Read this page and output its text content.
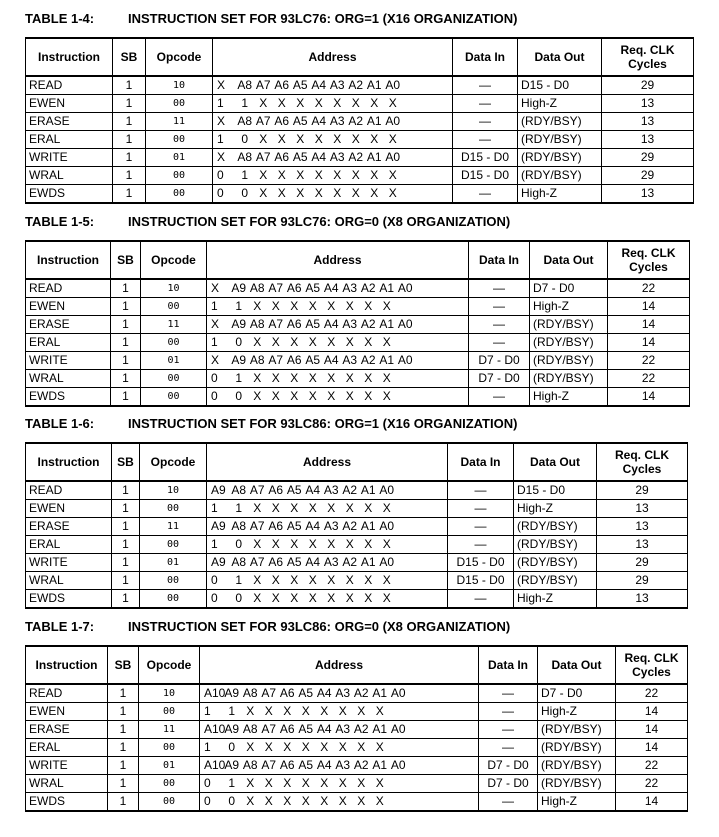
TABLE 1-4:	INSTRUCTION SET FOR 93LC76: ORG=1 (X16 ORGANIZATION)
Instruction	SB	Opcode	Address	Data In	Data Out	Req. CLK Cycles
READ	1	10	X A8 A7 A6 A5 A4 A3 A2 A1 A0	—	D15 - D0	29
EWEN	1	00	1 1 X X X X X X X X	—	High-Z	13
ERASE	1	11	X A8 A7 A6 A5 A4 A3 A2 A1 A0	—	(RDY/BSY)	13
ERAL	1	00	1 0 X X X X X X X X	—	(RDY/BSY)	13
WRITE	1	01	X A8 A7 A6 A5 A4 A3 A2 A1 A0	D15 - D0	(RDY/BSY)	29
WRAL	1	00	0 1 X X X X X X X X	D15 - D0	(RDY/BSY)	29
EWDS	1	00	0 0 X X X X X X X X	—	High-Z	13
TABLE 1-5:	INSTRUCTION SET FOR 93LC76: ORG=0 (X8 ORGANIZATION)
Instruction	SB	Opcode	Address	Data In	Data Out	Req. CLK Cycles
READ	1	10	X A9 A8 A7 A6 A5 A4 A3 A2 A1 A0	—	D7 - D0	22
EWEN	1	00	1 1 X X X X X X X X	—	High-Z	14
ERASE	1	11	X A9 A8 A7 A6 A5 A4 A3 A2 A1 A0	—	(RDY/BSY)	14
ERAL	1	00	1 0 X X X X X X X X	—	(RDY/BSY)	14
WRITE	1	01	X A9 A8 A7 A6 A5 A4 A3 A2 A1 A0	D7 - D0	(RDY/BSY)	22
WRAL	1	00	0 1 X X X X X X X X	D7 - D0	(RDY/BSY)	22
EWDS	1	00	0 0 X X X X X X X X	—	High-Z	14
TABLE 1-6:	INSTRUCTION SET FOR 93LC86: ORG=1 (X16 ORGANIZATION)
Instruction	SB	Opcode	Address	Data In	Data Out	Req. CLK Cycles
READ	1	10	A9 A8 A7 A6 A5 A4 A3 A2 A1 A0	—	D15 - D0	29
EWEN	1	00	1 1 X X X X X X X X	—	High-Z	13
ERASE	1	11	A9 A8 A7 A6 A5 A4 A3 A2 A1 A0	—	(RDY/BSY)	13
ERAL	1	00	1 0 X X X X X X X X	—	(RDY/BSY)	13
WRITE	1	01	A9 A8 A7 A6 A5 A4 A3 A2 A1 A0	D15 - D0	(RDY/BSY)	29
WRAL	1	00	0 1 X X X X X X X X	D15 - D0	(RDY/BSY)	29
EWDS	1	00	0 0 X X X X X X X X	—	High-Z	13
TABLE 1-7:	INSTRUCTION SET FOR 93LC86: ORG=0 (X8 ORGANIZATION)
Instruction	SB	Opcode	Address	Data In	Data Out	Req. CLK Cycles
READ	1	10	A10A9 A8 A7 A6 A5 A4 A3 A2 A1 A0	—	D7 - D0	22
EWEN	1	00	1 1 X X X X X X X X	—	High-Z	14
ERASE	1	11	A10A9 A8 A7 A6 A5 A4 A3 A2 A1 A0	—	(RDY/BSY)	14
ERAL	1	00	1 0 X X X X X X X X	—	(RDY/BSY)	14
WRITE	1	01	A10A9 A8 A7 A6 A5 A4 A3 A2 A1 A0	D7 - D0	(RDY/BSY)	22
WRAL	1	00	0 1 X X X X X X X X	D7 - D0	(RDY/BSY)	22
EWDS	1	00	0 0 X X X X X X X X	—	High-Z	14
